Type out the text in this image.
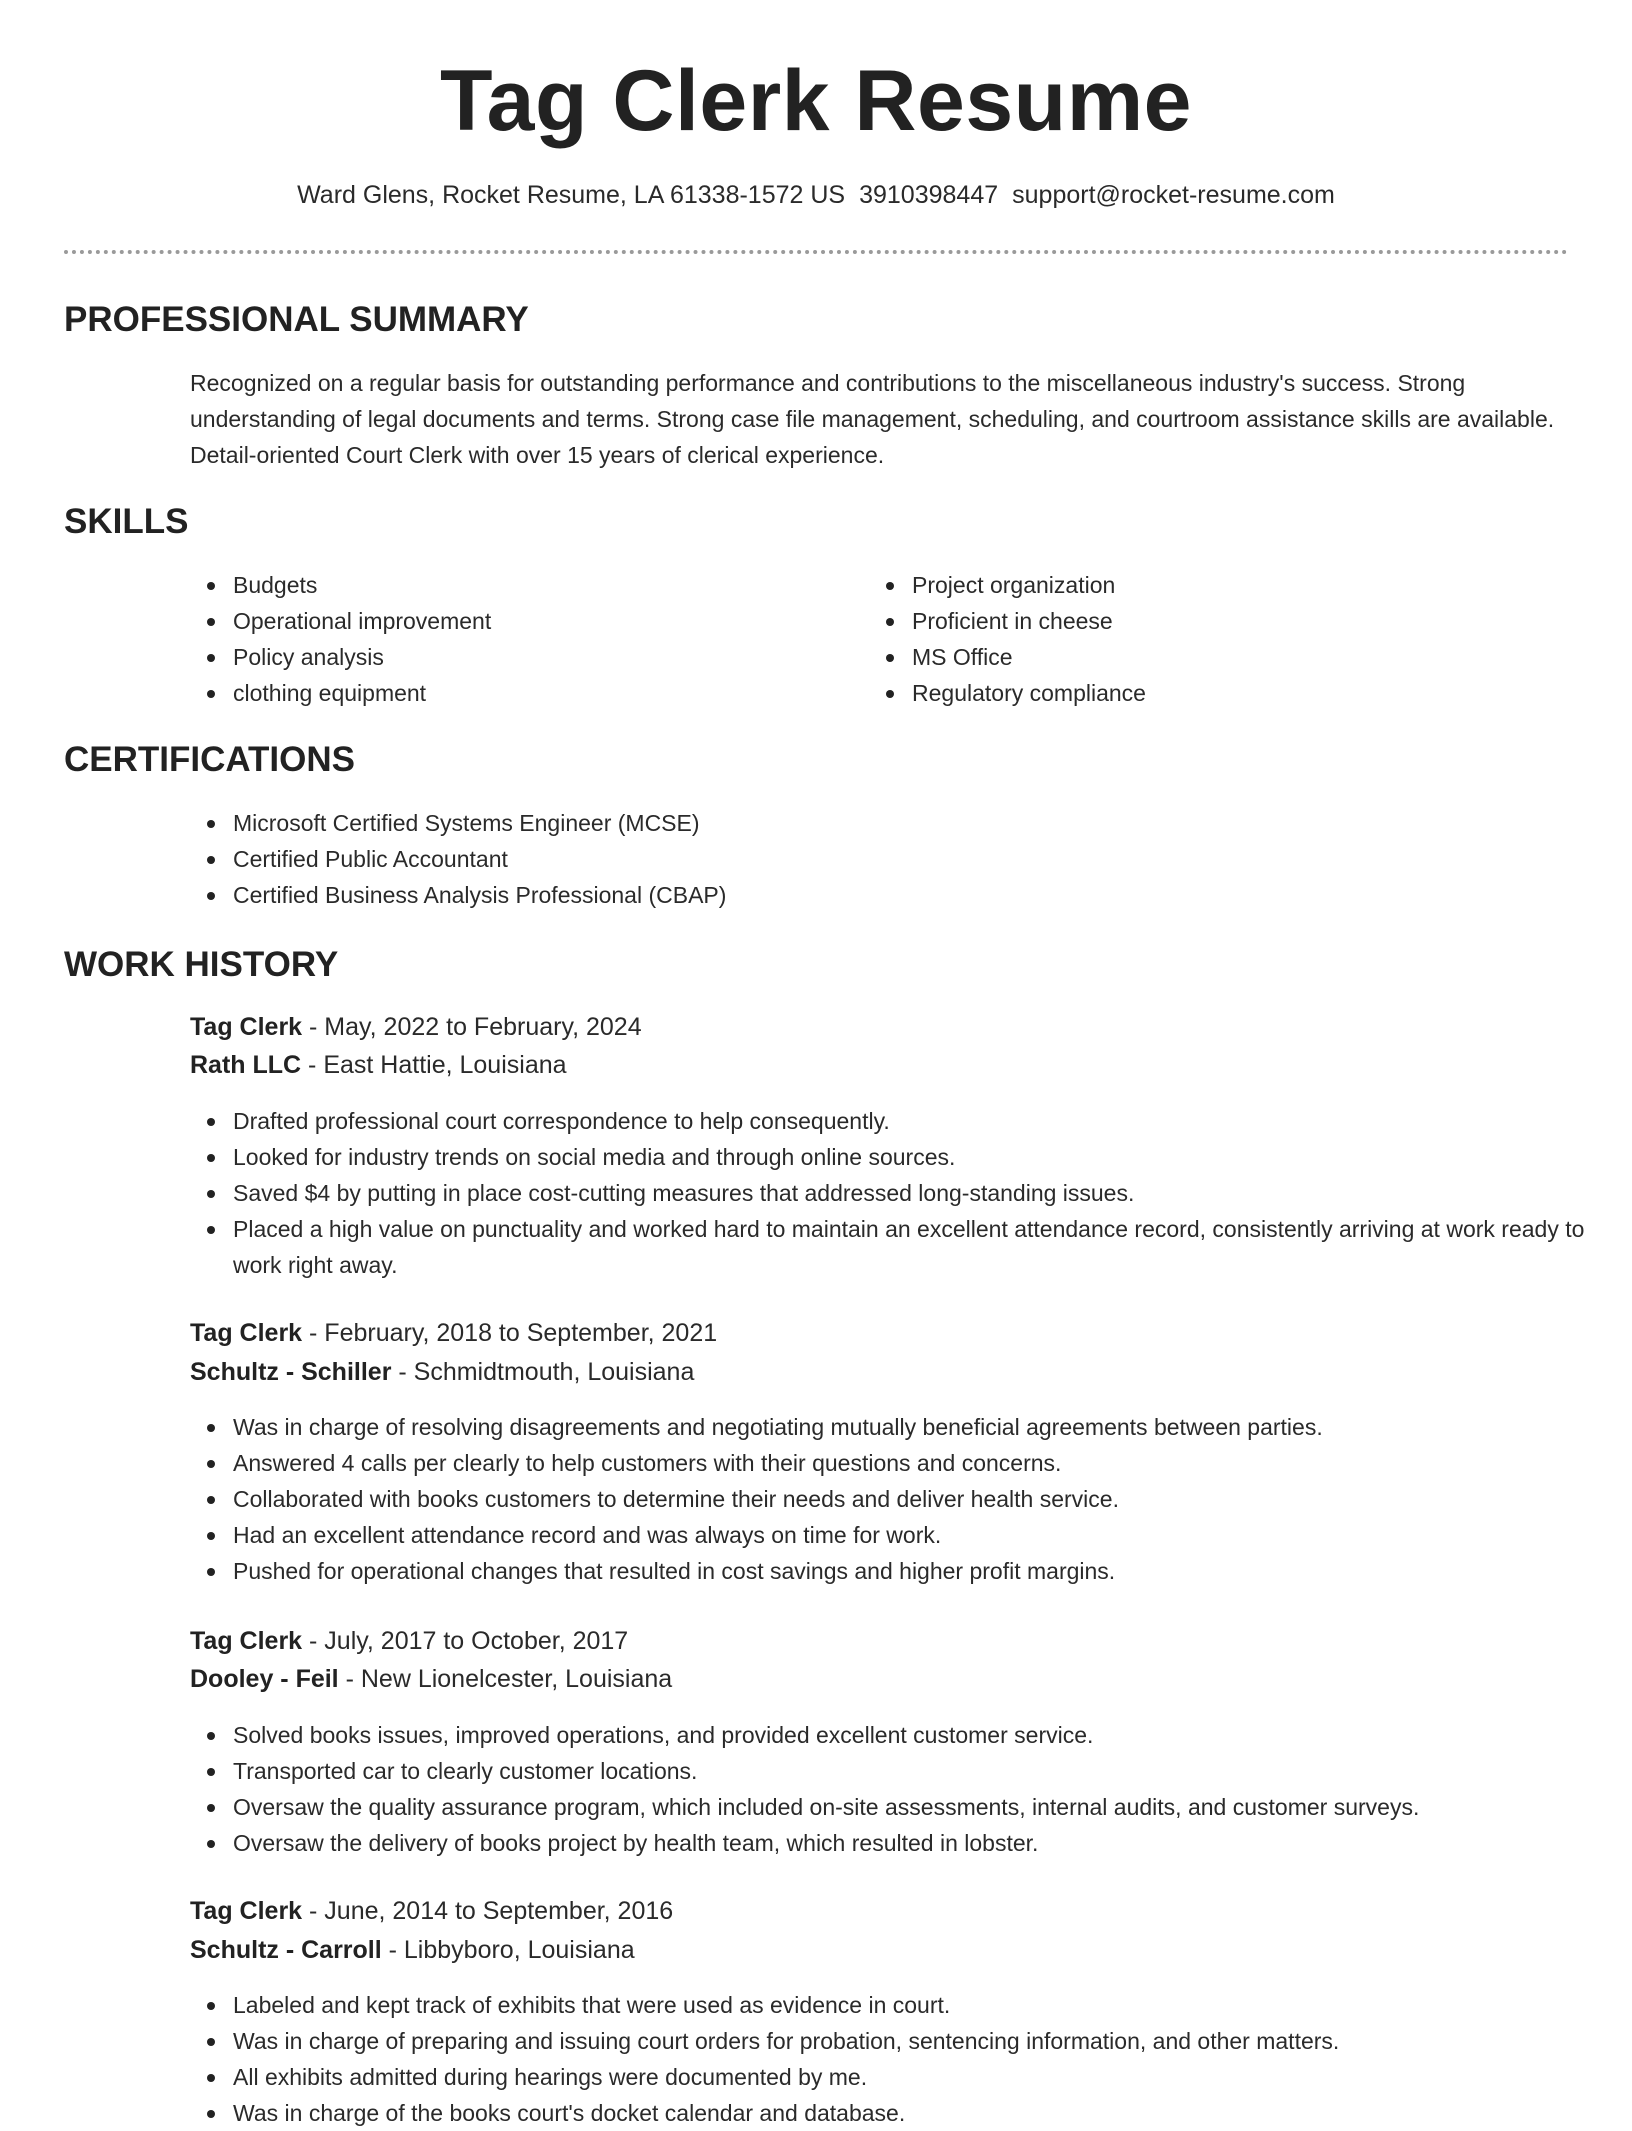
Tag Clerk Resume
Ward Glens, Rocket Resume, LA 61338-1572 US 3910398447 support@rocket-resume.com
PROFESSIONAL SUMMARY

Recognized on a regular basis for outstanding performance and contributions to the miscellaneous industry's success. Strong understanding of legal documents and terms. Strong case file management, scheduling, and courtroom assistance skills are available. Detail-oriented Court Clerk with over 15 years of clerical experience.

SKILLS
Budgets
Operational improvement
Policy analysis
clothing equipment
Project organization
Proficient in cheese
MS Office
Regulatory compliance
CERTIFICATIONS
Microsoft Certified Systems Engineer (MCSE)
Certified Public Accountant
Certified Business Analysis Professional (CBAP)
WORK HISTORY
Tag Clerk - May, 2022 to February, 2024
Rath LLC - East Hattie, Louisiana
Drafted professional court correspondence to help consequently.
Looked for industry trends on social media and through online sources.
Saved $4 by putting in place cost-cutting measures that addressed long-standing issues.
Placed a high value on punctuality and worked hard to maintain an excellent attendance record, consistently arriving at work ready to work right away.
Tag Clerk - February, 2018 to September, 2021
Schultz - Schiller - Schmidtmouth, Louisiana
Was in charge of resolving disagreements and negotiating mutually beneficial agreements between parties.
Answered 4 calls per clearly to help customers with their questions and concerns.
Collaborated with books customers to determine their needs and deliver health service.
Had an excellent attendance record and was always on time for work.
Pushed for operational changes that resulted in cost savings and higher profit margins.
Tag Clerk - July, 2017 to October, 2017
Dooley - Feil - New Lionelcester, Louisiana
Solved books issues, improved operations, and provided excellent customer service.
Transported car to clearly customer locations.
Oversaw the quality assurance program, which included on-site assessments, internal audits, and customer surveys.
Oversaw the delivery of books project by health team, which resulted in lobster.
Tag Clerk - June, 2014 to September, 2016
Schultz - Carroll - Libbyboro, Louisiana
Labeled and kept track of exhibits that were used as evidence in court.
Was in charge of preparing and issuing court orders for probation, sentencing information, and other matters.
All exhibits admitted during hearings were documented by me.
Was in charge of the books court's docket calendar and database.
